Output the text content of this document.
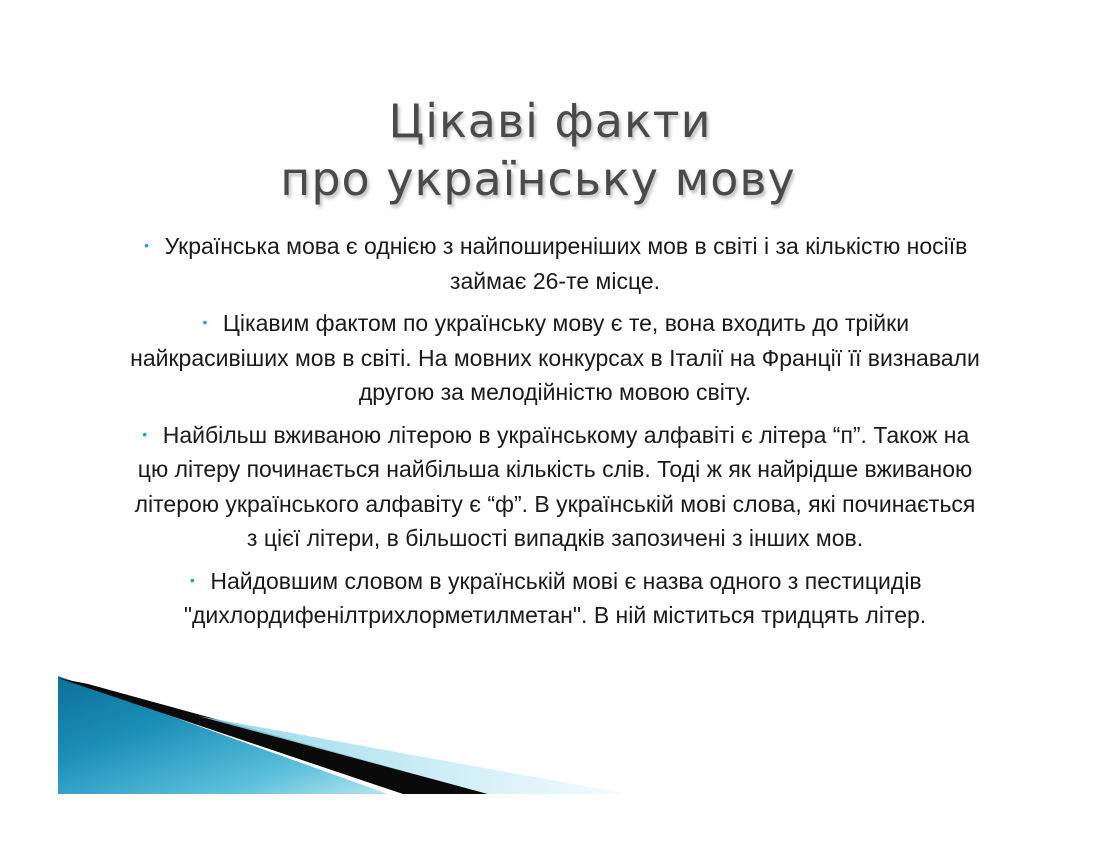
Цікаві факти
про українську мову

• Українська мова є однією з найпоширеніших мов в світі і за кількістю носіїв займає 26-те місце.

• Цікавим фактом по українську мову є те, вона входить до трійки найкрасивіших мов в світі. На мовних конкурсах в Італії на Франції її визнавали другою за мелодійністю мовою світу.

• Найбільш вживаною літерою в українському алфавіті є літера “п”. Також на цю літеру починається найбільша кількість слів. Тоді ж як найрідше вживаною літерою українського алфавіту є “ф”. В українській мові слова, які починається з цієї літери, в більшості випадків запозичені з інших мов.

• Найдовшим словом в українській мові є назва одного з пестицидів "дихлордифенілтрихлорметилметан". В ній міститься тридцять літер.
